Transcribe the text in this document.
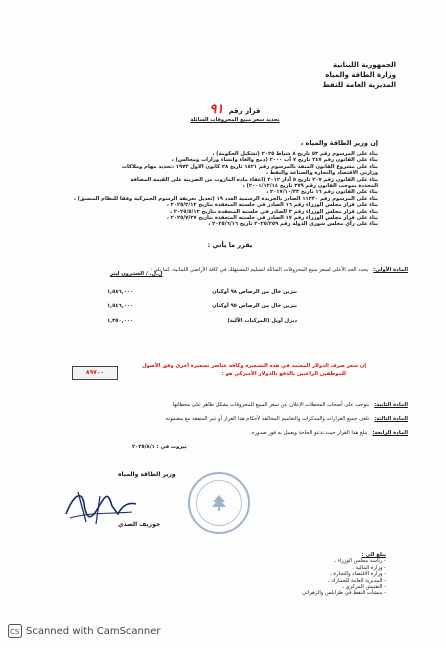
الجمهورية اللبنانية
وزارة الطاقة والمياه
المديرية العامة للنفط
قرار رقم ٩١
تحديد سعر مبيع المحروقات السائلة
إن وزير الطاقة والمياه ،
بناء على المرسوم رقم ٥٣ تاريخ ٨ شباط ٢٠٢٥ (تشكيل الحكومة) ،
بناء على القانون رقم ٢٤٧ تاريخ ٧ آب ٢٠٠٠ (دمج والغاء وانشاء وزارات ومجالس) ،
بناء على مشروع القانون المنفذ بالمرسوم رقم ١٨٢١ تاريخ ٢٨ كانون الاول ١٩٧٣ ،تحديد مهام وملاكات
وزارتي الاقتصاد والتجارة والصناعة والنفط ،
بناء على القانون رقم ٢٠٧ تاريخ ٥ آذار ٢٠١٢ (اعفاء مادة المازوت من الضريبة على القيمة المضافة
المحددة بموجب القانون رقم ٣٧٩ تاريخ ٢٠٠١/١٢/١٤) ،
بناء على القانون رقم ١٦ تاريخ ٢٠١٧/١٠/٢٣ ،
بناء على المرسوم رقم ١١٢٣٠ الصادر بالجريدة الرسمية العدد ١٩ (تعديل تعريفة الرسوم الجمركية وفقا للنظام المنسق) ،
بناء على قرار مجلس الوزراء رقم ١٦ الصادر في جلسته المنعقدة بتاريخ ٢٠٢٥/٣/١٢ ،
بناء على قرار مجلس الوزراء رقم ٣ الصادر في جلسته المنعقدة بتاريخ ٢٠٢٥/٥/١٢ ،
بناء على قرار مجلس الوزراء رقم ١٧ الصادر في جلسته المنعقدة بتاريخ ٢٠٢٥/٧/٢٧ ،
بناء على رأي مجلس شورى الدولة رقم ٢٠٢٥/٢٥٩ تاريخ ٢٠٢٥/٦/١٦ ،
يقرر ما يأتي :
المادة الأولى: يحدد الحد الأعلى لسعر مبيع المحروقات السائلة لتسليم المستهلك في كافة الأراضي اللبنانية، كما يلي :
ل.ل. / العشرون ليتر
١,٥٨٦,٠٠٠	بنزين خال من الرصاص ٩٨ أوكتان
١,٥٤٦,٠٠٠	بنزين خال من الرصاص ٩٥ أوكتان
١,٣٥٠,٠٠٠	ديزل أويل (المركبات الآلية)
إن سعر صرف الدولار المعتمد في هذه التسعيرة وكافة عناصر تسعيرة أخرى وفق الأصول
للموظفين الراغبين بالدفع بالدولار الأميركي هو :
٨٩٧٠٠
المادة الثانية: يتوجب على أصحاب المحطات الإعلان عن سعر المبيع للمحروقات بشكل ظاهر على محطاتها.
المادة الثالثة: تلغى جميع القرارات والمذكرات والتعاميم المخالفة لأحكام هذا القرار أو غير المتفقة مع مضمونه.
المادة الرابعة: يبلغ هذا القرار حيث تدعو الحاجة ويعمل به فور صدوره.
بيروت في : ٢٠٢٥/٨/١
وزير الطاقة والمياه
جوزيف الصدي
يبلغ الى :
- رئاسة مجلس الوزراء ،
- وزارة المالية ،
- وزارة الاقتصاد والتجارة ،
- المديرية العامة للجمارك ،
- التفتيش المركزي ،
- منشآت النفط في طرابلس والزهراني
CS Scanned with CamScanner
